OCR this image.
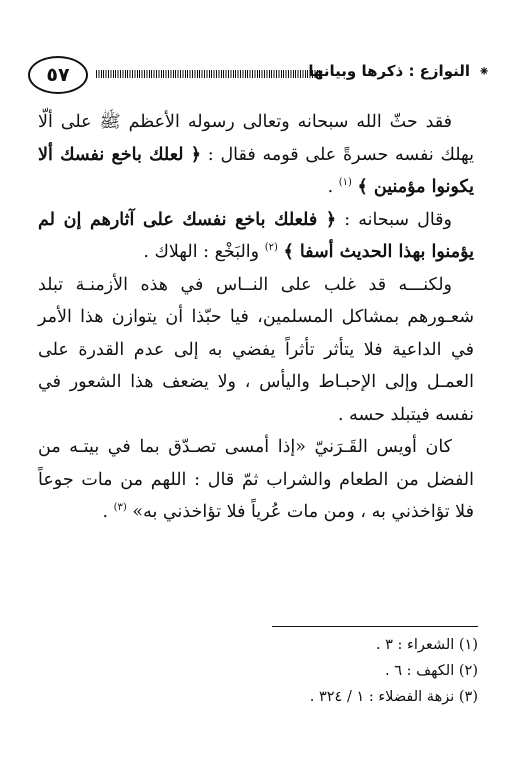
٥٧	النوازع : ذكرها وبيانها ⁕

فقد حثّ الله سبحانه وتعالى رسوله الأعظم ﷺ على ألّا يهلك نفسه حسرةً على قومه فقال : ﴿ لعلك باخع نفسك ألا يكونوا مؤمنين ﴾ $^{(١)}$ .

وقال سبحانه : ﴿ فلعلك باخع نفسك على آثارهم إن لم يؤمنوا بهذا الحديث أسفا ﴾ $^{(٢)}$ والبَخْع : الهلاك .

ولكنـــه قد غلب على النــاس في هذه الأزمنـة تبلد شعـورهم بمشاكل المسلمين، فيا حبّذا أن يتوازن هذا الأمر في الداعية فلا يتأثر تأثراً يفضي به إلى عدم القدرة على العمـل وإلى الإحبـاط واليأس ، ولا يضعف هذا الشعور في نفسه فيتبلد حسه .

كان أويس القَـرَنيّ «إذا أمسى تصـدّق بما في بيتـه من الفضل من الطعام والشراب ثمّ قال : اللهم من مات جوعاً فلا تؤاخذني به ، ومن مات عُرياً فلا تؤاخذني به» $^{(٣)}$ .

(١) الشعراء : ٣ .
(٢) الكهف : ٦ .
(٣) نزهة الفضلاء : ١ / ٣٢٤ .
